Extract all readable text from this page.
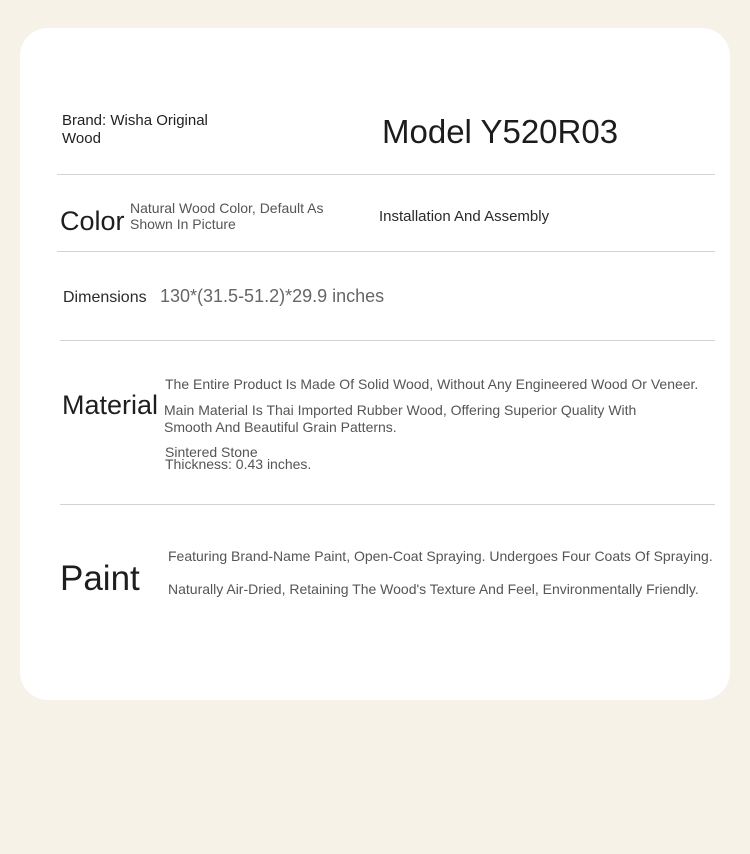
Brand: Wisha Original Wood	Model Y520R03

Color Natural Wood Color, Default As Shown In Picture	Installation And Assembly

Dimensions 130*(31.5-51.2)*29.9 inches

Material

The Entire Product Is Made Of Solid Wood, Without Any Engineered Wood Or Veneer.

Main Material Is Thai Imported Rubber Wood, Offering Superior Quality With Smooth And Beautiful Grain Patterns.

Sintered Stone

Thickness: 0.43 inches.

Paint

Featuring Brand-Name Paint, Open-Coat Spraying. Undergoes Four Coats Of Spraying.

Naturally Air-Dried, Retaining The Wood's Texture And Feel, Environmentally Friendly.
